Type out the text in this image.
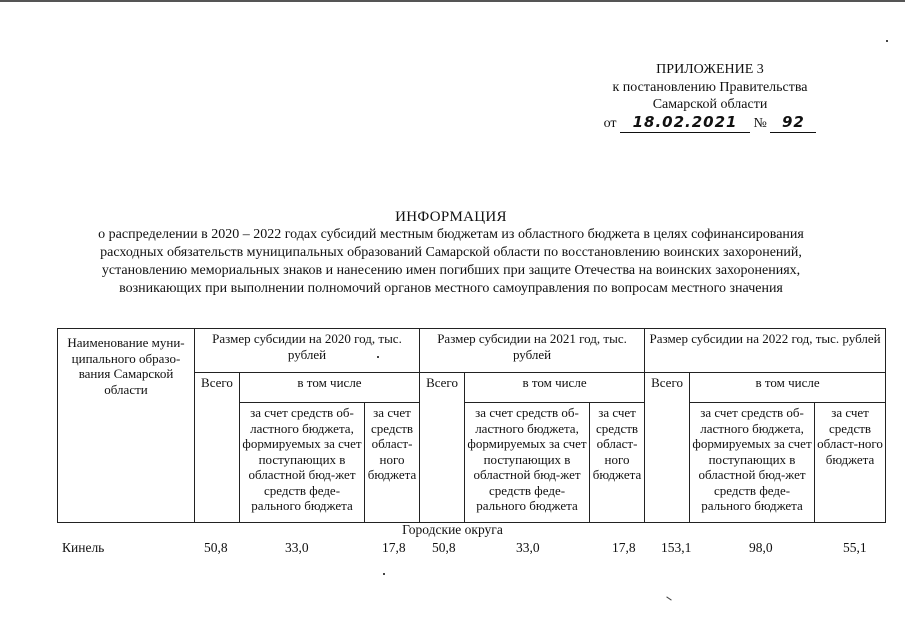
ПРИЛОЖЕНИЕ 3
к постановлению Правительства
Самарской области
от 18.02.2021 № 92
ИНФОРМАЦИЯ
о распределении в 2020 – 2022 годах субсидий местным бюджетам из областного бюджета в целях софинансирования
расходных обязательств муниципальных образований Самарской области по восстановлению воинских захоронений,
установлению мемориальных знаков и нанесению имен погибших при защите Отечества на воинских захоронениях,
возникающих при выполнении полномочий органов местного самоуправления по вопросам местного значения
Наименование муни-ципального образо-вания Самарской области	Размер субсидии на 2020 год, тыс. рублей			Размер субсидии на 2021 год, тыс. рублей			Размер субсидии на 2022 год, тыс. рублей		
	Всего	в том числе		Всего	в том числе		Всего	в том числе	
		за счет средств об-ластного бюджета, формируемых за счет поступающих в областной бюд-жет средств феде-рального бюджета	за счет средств област-ного бюджета		за счет средств об-ластного бюджета, формируемых за счет поступающих в областной бюд-жет средств феде-рального бюджета	за счет средств област-ного бюджета		за счет средств об-ластного бюджета, формируемых за счет поступающих в областной бюд-жет средств феде-рального бюджета	за счет средств област-ного бюджета
Городские округа
Кинель	50,8	33,0	17,8 50,8	33,0	17,8 153,1	98,0	55,1
